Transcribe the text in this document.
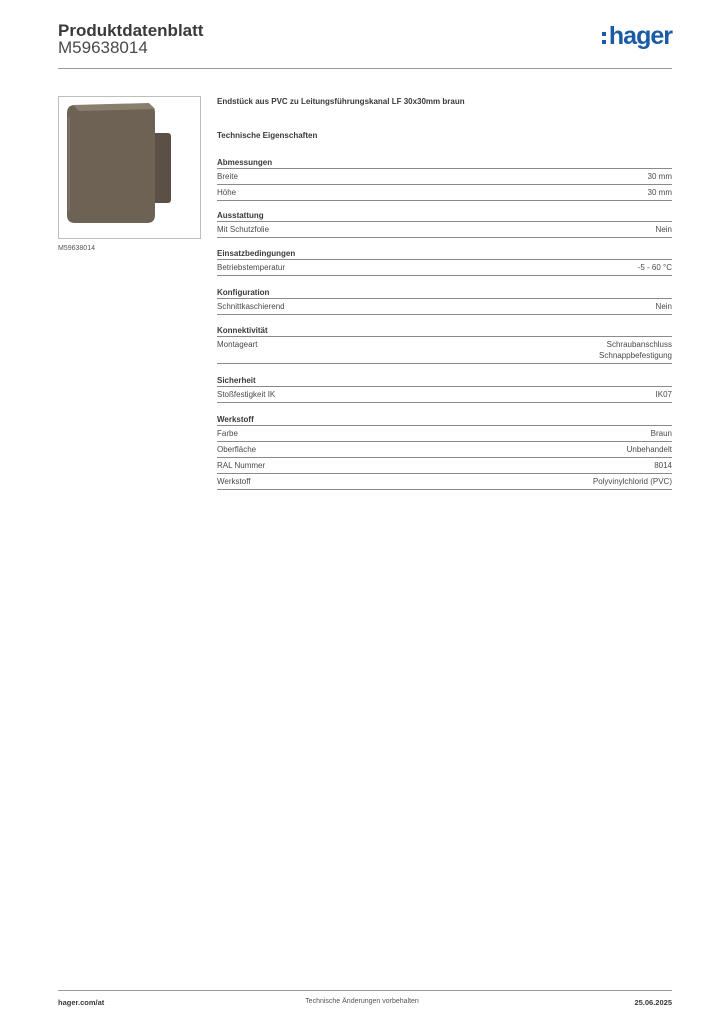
Produktdatenblatt
M59638014	hager
M59638014
Endstück aus PVC zu Leitungsführungskanal LF 30x30mm braun
Technische Eigenschaften
Abmessungen
Breite	30 mm
Höhe	30 mm
Ausstattung
Mit Schutzfolie	Nein
Einsatzbedingungen
Betriebstemperatur	-5 - 60 °C
Konfiguration
Schnittkaschierend	Nein
Konnektivität
Montageart	Schraubanschluss
Schnappbefestigung
Sicherheit
Stoßfestigkeit IK	IK07
Werkstoff
Farbe	Braun
Oberfläche	Unbehandelt
RAL Nummer	8014
Werkstoff	Polyvinylchlorid (PVC)
hager.com/at	Technische Änderungen vorbehalten	25.06.2025
